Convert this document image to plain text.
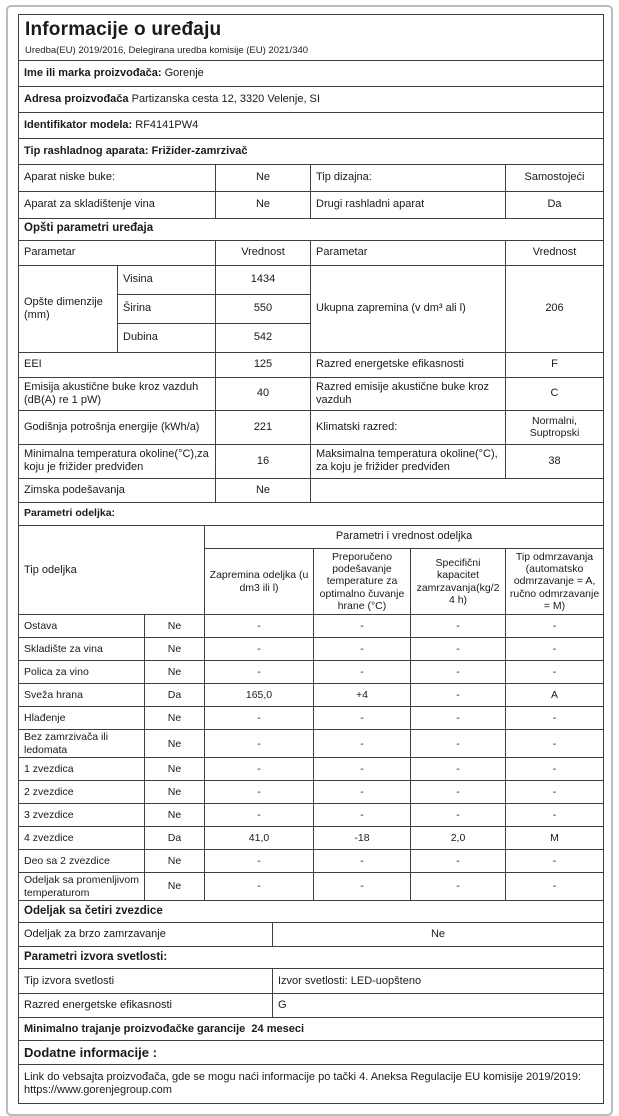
Informacije o uređaju
Uredba(EU) 2019/2016, Delegirana uredba komisije (EU) 2021/340

Ime ili marka proizvođača: Gorenje
Adresa proizvođača Partizanska cesta 12, 3320 Velenje, SI
Identifikator modela: RF4141PW4
Tip rashladnog aparata: Frižider-zamrzivač
Aparat niske buke:		Ne	Tip dizajna:	Samostojeći
Aparat za skladištenje vina		Ne	Drugi rashladni aparat	Da
Opšti parametri uređaja				
Parametar		Vrednost	Parametar	Vrednost
Opšte dimenzije (mm)	Visina	1434	Ukupna zapremina (v dm³ ali l)	206
	Širina	550		
	Dubina	542		
EEI		125	Razred energetske efikasnosti	F
Emisija akustične buke kroz vazduh (dB(A) re 1 pW)		40	Razred emisije akustične buke kroz vazduh	C
Godišnja potrošnja energije (kWh/a)		221	Klimatski razred:	Normalni, Suptropski
Minimalna temperatura okoline(°C),za koju je frižider predviđen		16	Maksimalna temperatura okoline(°C), za koju je frižider predviđen	38
Zimska podešavanja		Ne		
Parametri odeljka:					
Tip odeljka		Parametri i vrednost odeljka			
		Zapremina odeljka (u dm3 ili l)	Preporučeno podešavanje temperature za optimalno čuvanje hrane (°C)	Specifični kapacitet zamrzavanja(kg/24 h)	Tip odmrzavanja (automatsko odmrzavanje = A, ručno odmrzavanje = M)
Ostava	Ne	-	-	-	-
Skladište za vina	Ne	-	-	-	-
Polica za vino	Ne	-	-	-	-
Sveža hrana	Da	165,0	+4	-	A
Hlađenje	Ne	-	-	-	-
Bez zamrzivača ili ledomata	Ne	-	-	-	-
1 zvezdica	Ne	-	-	-	-
2 zvezdice	Ne	-	-	-	-
3 zvezdice	Ne	-	-	-	-
4 zvezdice	Da	41,0	-18	2,0	M
Deo sa 2 zvezdice	Ne	-	-	-	-
Odeljak sa promenljivom temperaturom	Ne	-	-	-	-
Odeljak sa četiri zvezdice	
Odeljak za brzo zamrzavanje	Ne
Parametri izvora svetlosti:	
Tip izvora svetlosti	Izvor svetlosti: LED-uopšteno
Razred energetske efikasnosti	G
Minimalno trajanje proizvođačke garancije 24 meseci
Dodatne informacije :
Link do vebsajta proizvođača, gde se mogu naći informacije po tački 4. Aneksa Regulacije EU komisije 2019/2019: https://www.gorenjegroup.com
